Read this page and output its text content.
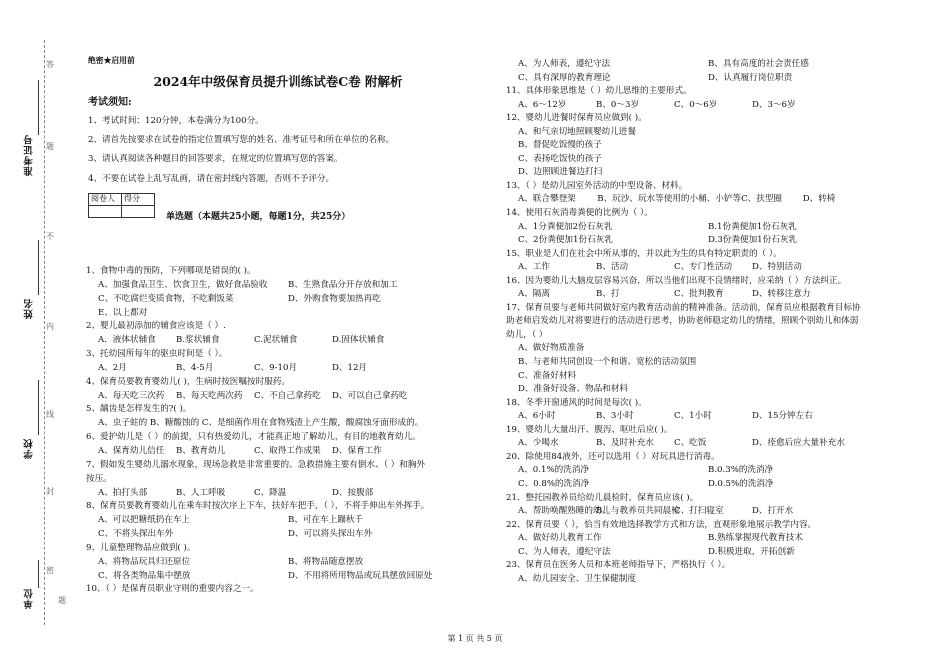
准考证号
姓名
学校
单位
答
题
不
内
线
封
密
题
绝密★启用前
2024年中级保育员提升训练试卷C卷 附解析
考试须知:

1、考试时间：120分钟，本卷满分为100分。

2、请首先按要求在试卷的指定位置填写您的姓名、准考证号和所在单位的名称。

3、请认真阅读各种题目的回答要求，在规定的位置填写您的答案。

4、不要在试卷上乱写乱画，请在密封线内答题，否则不予评分。

阅卷人	得分

单选题（本题共25小题，每题1分，共25分）
1、食物中毒的预防，下列哪项是错误的( )。
A、加强食品卫生、饮食卫生，做好食品验收	B、生熟食品分开存放和加工
C、不吃腐烂变质食物，不吃剩饭菜	D、外购食物要加热再吃
E、以上都对
2、婴儿最初添加的辅食应该是（ ）.
A．液体状辅食	B.浆状辅食	C.泥状辅食	D.固体状辅食
3、托幼园所每年的驱虫时间是（ ）。
A、2月	B、4-5月	C、9-10月	D、12月
4、保育员要教育婴幼儿( )，生病时按医嘱按时服药。
A、每天吃三次药	B、每天吃两次药	C、不自己拿药吃	D、可以自己拿药吃
5、龋齿是怎样发生的?( )。
A、虫子蛀的 B、糖酸蚀的 C、是细菌作用在食物残渣上产生酸，酸腐蚀牙面形成的。
6、爱护幼儿是（ ）的前提，只有热爱幼儿，才能真正地了解幼儿，有目的地教育幼儿。
A、保育幼儿信任	B、教育幼儿	C、取得工作成果	D、保育工作
7、假如发生婴幼儿溺水现象，现场急救是非常重要的。急救措施主要有倒水、（ ）和胸外
按压。
A、拍打头部	B、人工呼吸	C、降温	D、按腹部
8、保育员要教育婴幼儿在乘车时按次序上下车，扶好车把手，（ ），不将手伸出车外挥手。
A、可以把糖纸扔在车上	B、可在车上蹦秋千
C、不将头探出车外	D、可以将头探出车外
9、儿童整理物品应做到( )。
A、将物品玩具归还原位	B、将物品随意摆放
C、将各类物品集中摆放	D、不用将所用物品或玩具摆放回原处
10、（ ）是保育员职业守则的重要内容之一。
A、为人师表，遵纪守法	B、具有高度的社会责任感
C、具有深厚的教育理论	D、认真履行岗位职责
11、具体形象思维是（ ）幼儿思维的主要形式。
A、6～12岁	B、0～3岁	C、0～6岁	D、3～6岁
12、婴幼儿进餐时保育员应做到( )。
A、和气亲切地照顾婴幼儿进餐
B、督促吃饭慢的孩子
C、表扬吃饭快的孩子
D、边照顾进餐边打扫
13、（ ）是幼儿园室外活动的中型设备、材料。
A、联合攀登架	B、玩沙、玩水等使用的小桶、小铲等 C、扶型圈	D、转椅
14、使用石灰消毒粪便的比例为（ ）。
A、1分粪便加2份石灰乳	B.1份粪便加1份石灰乳
C、2份粪便加1份石灰乳	D.3份粪便加1份石灰乳
15、职业是人们在社会中所从事的，并以此为生的具有特定职责的（ ）。
A、工作	B、活动	C、专门性活动	D、特别活动
16、因为婴幼儿大脑皮层容易兴奋，所以当他们出现不良情绪时，应采纳（ ）方法纠正。
A、隔离	B、打	C、批判教育	D、转移注意力
17、保育员要与老师共同做好室内教育活动前的精神准备。活动前，保育员应根据教育目标协
助老师启发幼儿对将要进行的活动进行思考，协助老师稳定幼儿的情绪，照顾个别幼儿和体弱
幼儿，（ ）
A、做好物质准备
B、与老师共同创设一个和谐、宽松的活动氛围
C、准备好材料
D、准备好设备、物品和材料
18、冬季开窗通风的时间是每次( )。
A、6小时	B、3小时	C、1小时	D、15分钟左右
19、婴幼儿大量出汗、腹泻、呕吐后应( )。
A、少喝水	B、及时补充水	C、吃饭	D、痊愈后应大量补充水
20、除使用84液外，还可以选用（ ）对玩具进行消毒。
A、0.1%的洗消净	B.0.3%的洗消净
C、0.8%的洗消净	D.0.5%的洗消净
21、整托园教养员给幼儿晨检时，保育员应该( )。
A、帮助唤醒熟睡的幼儿
B、与教养员共同晨检
C、打扫寝室	D、打开水
22、保育员要（ ），恰当有效地选择教学方式和方法，直观形象地展示教学内容。
A、做好幼儿教育工作	B.熟练掌握现代教育技术
C、为人师表，遵纪守法	D.积极进取，开拓创新
23、保育员在医务人员和本班老师指导下，严格执行（ ）。
A、幼儿园安全、卫生保健制度
第 1 页 共 5 页
